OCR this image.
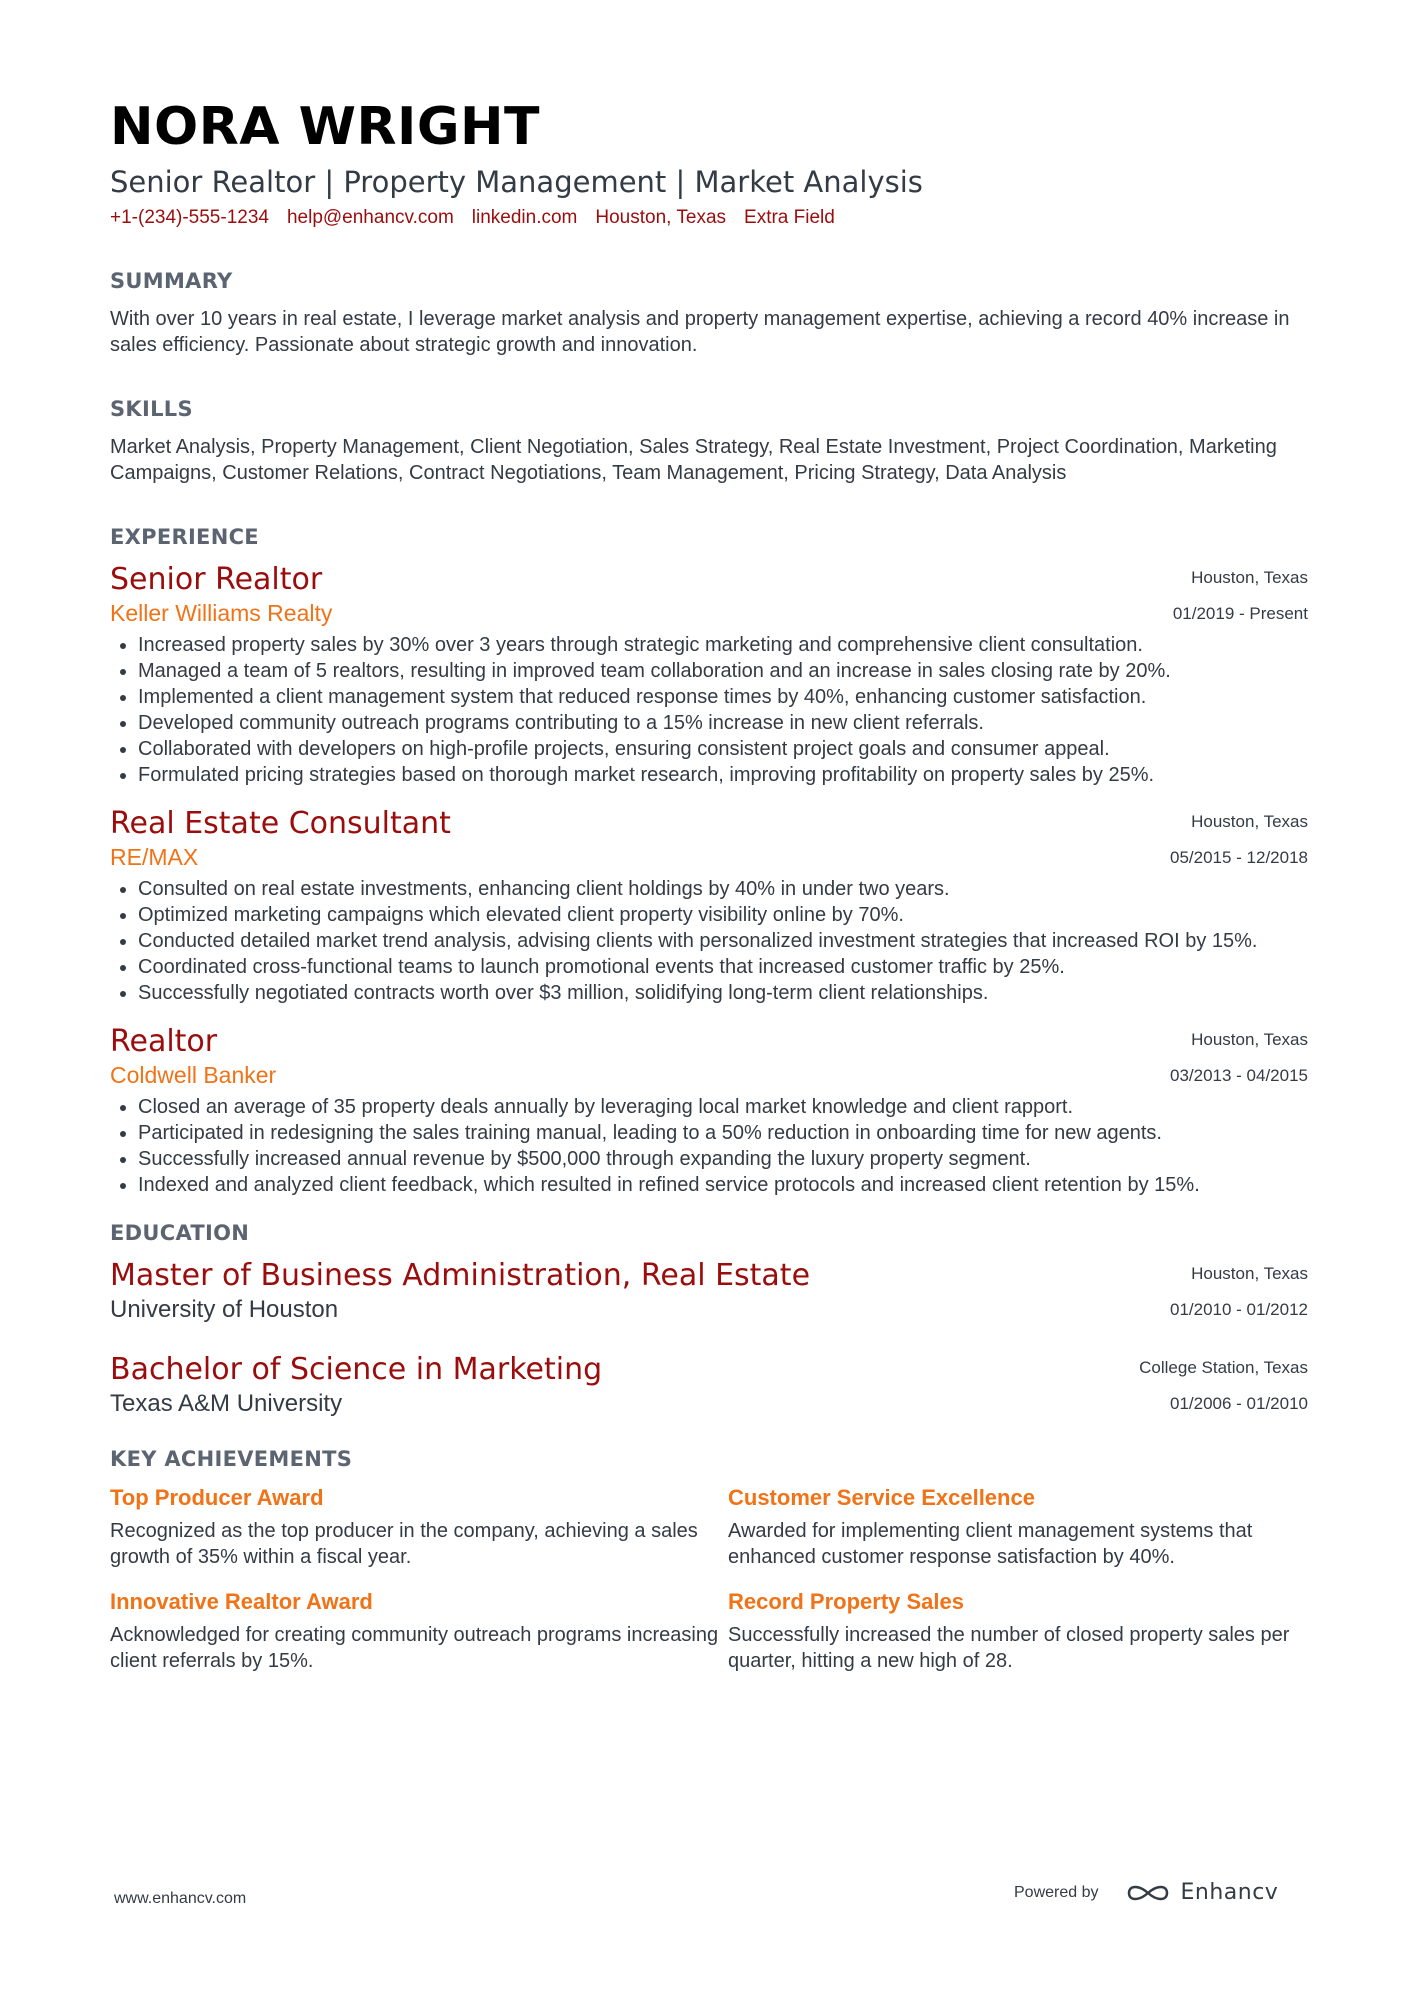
NORA WRIGHT
Senior Realtor | Property Management | Market Analysis
+1-(234)-555-1234 help@enhancv.com linkedin.com Houston, Texas Extra Field
SUMMARY
With over 10 years in real estate, I leverage market analysis and property management expertise, achieving a record 40% increase in sales efficiency. Passionate about strategic growth and innovation.
SKILLS
Market Analysis, Property Management, Client Negotiation, Sales Strategy, Real Estate Investment, Project Coordination, Marketing Campaigns, Customer Relations, Contract Negotiations, Team Management, Pricing Strategy, Data Analysis
EXPERIENCE
Senior Realtor
Keller Williams Realty
Houston, Texas
01/2019 - Present
• Increased property sales by 30% over 3 years through strategic marketing and comprehensive client consultation.
• Managed a team of 5 realtors, resulting in improved team collaboration and an increase in sales closing rate by 20%.
• Implemented a client management system that reduced response times by 40%, enhancing customer satisfaction.
• Developed community outreach programs contributing to a 15% increase in new client referrals.
• Collaborated with developers on high-profile projects, ensuring consistent project goals and consumer appeal.
• Formulated pricing strategies based on thorough market research, improving profitability on property sales by 25%.
Real Estate Consultant
RE/MAX
Houston, Texas
05/2015 - 12/2018
• Consulted on real estate investments, enhancing client holdings by 40% in under two years.
• Optimized marketing campaigns which elevated client property visibility online by 70%.
• Conducted detailed market trend analysis, advising clients with personalized investment strategies that increased ROI by 15%.
• Coordinated cross-functional teams to launch promotional events that increased customer traffic by 25%.
• Successfully negotiated contracts worth over $3 million, solidifying long-term client relationships.
Realtor
Coldwell Banker
Houston, Texas
03/2013 - 04/2015
• Closed an average of 35 property deals annually by leveraging local market knowledge and client rapport.
• Participated in redesigning the sales training manual, leading to a 50% reduction in onboarding time for new agents.
• Successfully increased annual revenue by $500,000 through expanding the luxury property segment.
• Indexed and analyzed client feedback, which resulted in refined service protocols and increased client retention by 15%.
EDUCATION
Master of Business Administration, Real Estate
University of Houston
Houston, Texas
01/2010 - 01/2012
Bachelor of Science in Marketing
Texas A&M University
College Station, Texas
01/2006 - 01/2010
KEY ACHIEVEMENTS
Top Producer Award
Recognized as the top producer in the company, achieving a sales growth of 35% within a fiscal year.
Customer Service Excellence
Awarded for implementing client management systems that enhanced customer response satisfaction by 40%.
Innovative Realtor Award
Acknowledged for creating community outreach programs increasing client referrals by 15%.
Record Property Sales
Successfully increased the number of closed property sales per quarter, hitting a new high of 28.
www.enhancv.com	Powered by	Enhancv
